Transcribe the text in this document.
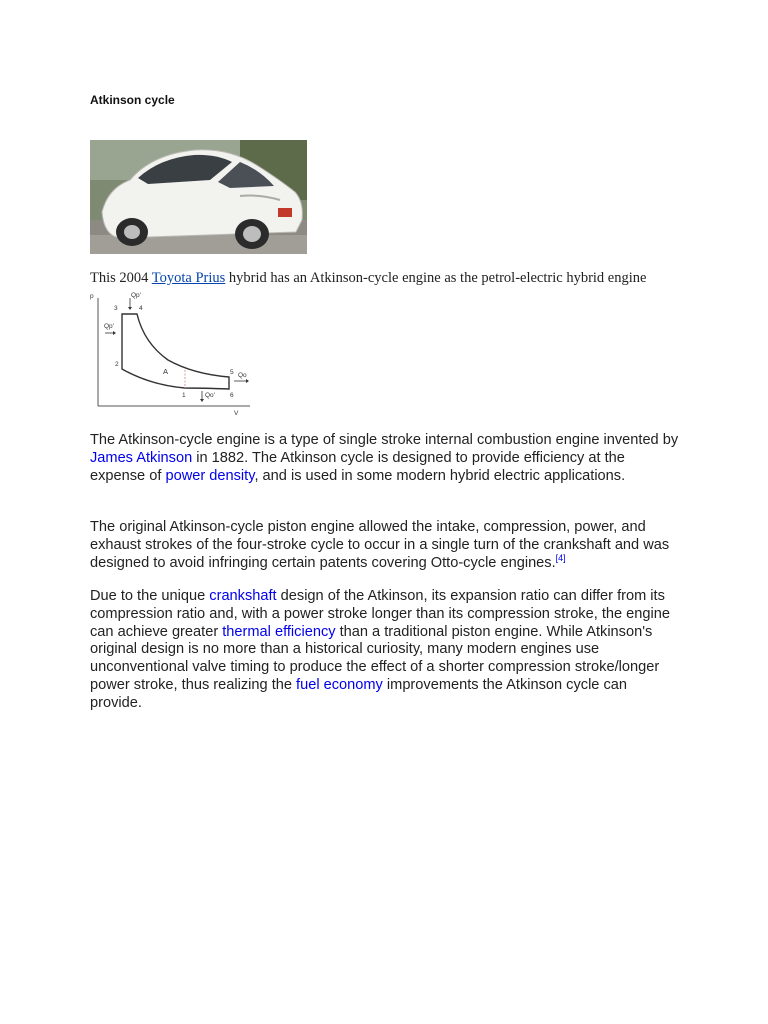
Atkinson cycle
This 2004 Toyota Prius hybrid has an Atkinson-cycle engine as the petrol-electric hybrid engine
p
V
Qp'
Qp'
Qo
Qo'
3	4
2
1
5
6
A

The Atkinson-cycle engine is a type of single stroke internal combustion engine invented by James Atkinson in 1882. The Atkinson cycle is designed to provide efficiency at the expense of power density, and is used in some modern hybrid electric applications.

The original Atkinson-cycle piston engine allowed the intake, compression, power, and exhaust strokes of the four-stroke cycle to occur in a single turn of the crankshaft and was designed to avoid infringing certain patents covering Otto-cycle engines.[4]

Due to the unique crankshaft design of the Atkinson, its expansion ratio can differ from its compression ratio and, with a power stroke longer than its compression stroke, the engine can achieve greater thermal efficiency than a traditional piston engine. While Atkinson's original design is no more than a historical curiosity, many modern engines use unconventional valve timing to produce the effect of a shorter compression stroke/longer power stroke, thus realizing the fuel economy improvements the Atkinson cycle can provide.
